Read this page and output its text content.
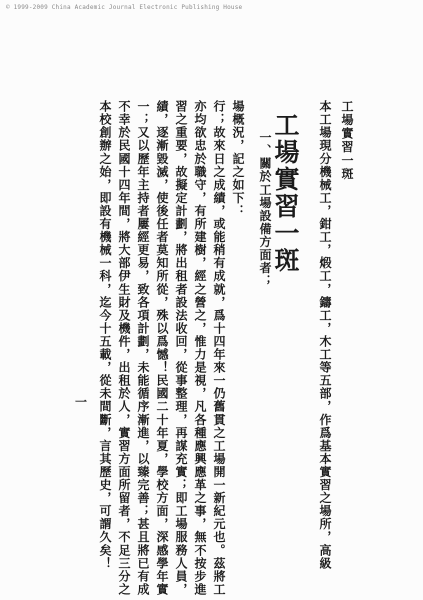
© 1999-2009 China Academic Journal Electronic Publishing House
工場實習一斑
本校創辦之始，即設有機械一科，迄今十五載，從未間斷，言其歷史，可謂久矣！ 不幸於民國十四年間，將大部伊生財及機件，出租於人，實習方面所留者，不足三分之 一；又以歷年主持者屢經更易，致各項計劃，未能循序漸進，以臻完善；甚且將已有成 績，逐漸毀滅，使後任者莫知所從，殊以爲憾！民國二十年夏，學校方面，深感學年實 習之重要，故擬定計劃，將出租者設法收回，從事整理，再謀充實；即工場服務人員， 亦均欲忠於職守，有所建樹，經之營之，惟力是視，凡各種應興應革之事，無不按步進 行；故來日之成績，或能稍有成就，爲十四年來一仍舊貫之工場開一新紀元也。茲將工 場概況，記之如下： 一、關於工場設備方面者；	本工場現分機械工，鉗工，煅工，鑄工，木工等五部，作爲基本實習之場所，高級 工場實習一斑
一
